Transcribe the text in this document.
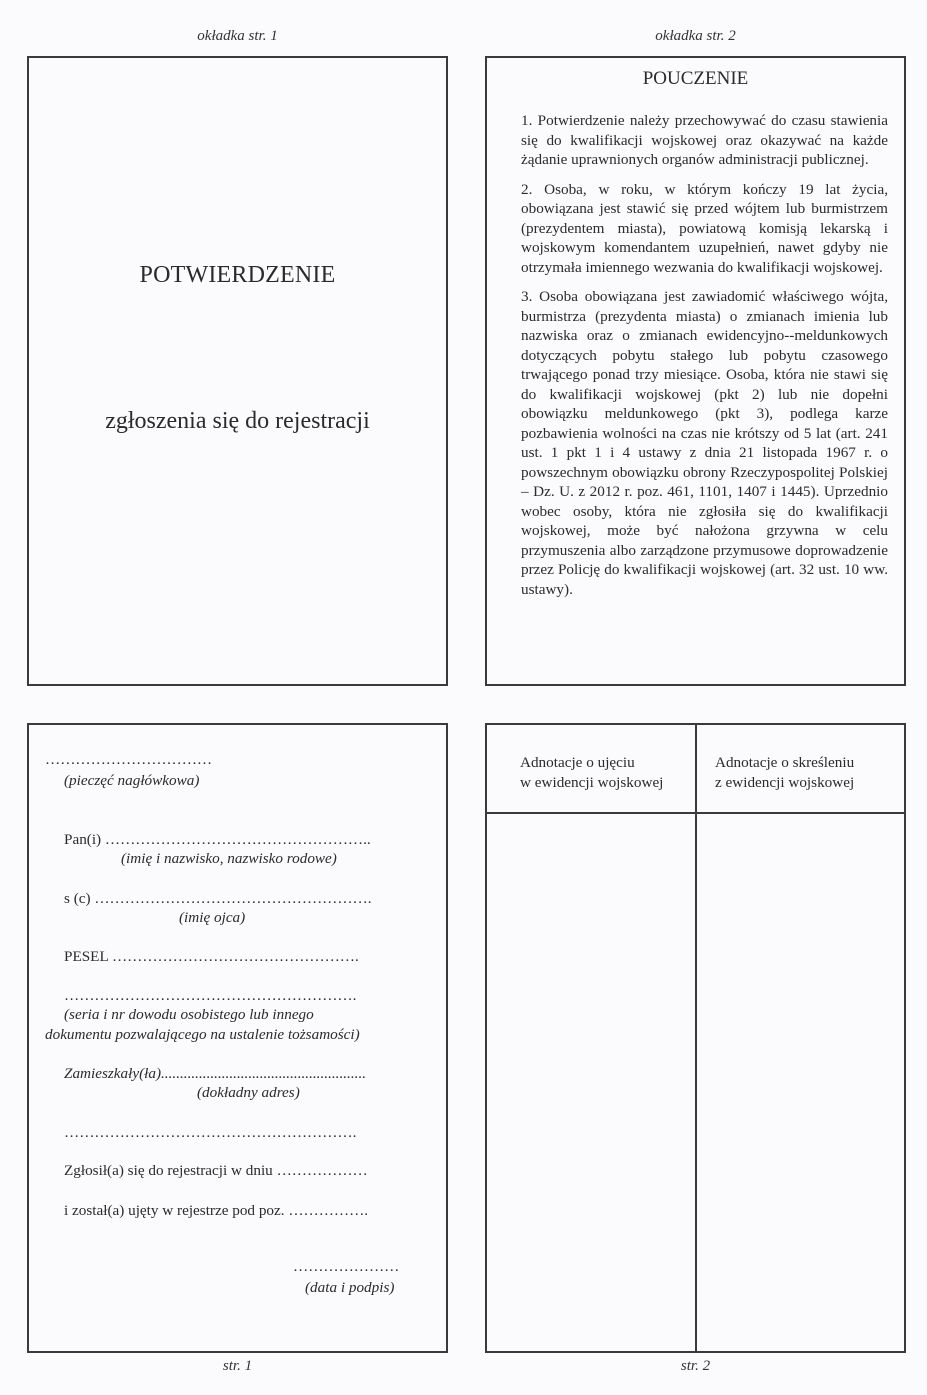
okładka str. 1	okładka str. 2
POTWIERDZENIE
zgłoszenia się do rejestracji
POUCZENIE

1. Potwierdzenie należy przechowywać do czasu stawienia się do kwalifikacji wojskowej oraz okazywać na każde żądanie uprawnionych organów administracji publicznej.

2. Osoba, w roku, w którym kończy 19 lat życia, obowiązana jest stawić się przed wójtem lub burmistrzem (prezydentem miasta), powiatową komisją lekarską i wojskowym komendantem uzupełnień, nawet gdyby nie otrzymała imiennego wezwania do kwalifikacji wojskowej.

3. Osoba obowiązana jest zawiadomić właściwego wójta, burmistrza (prezydenta miasta) o zmianach imienia lub nazwiska oraz o zmianach ewidencyjno--meldunkowych dotyczących pobytu stałego lub pobytu czasowego trwającego ponad trzy miesiące. Osoba, która nie stawi się do kwalifikacji wojskowej (pkt 2) lub nie dopełni obowiązku meldunkowego (pkt 3), podlega karze pozbawienia wolności na czas nie krótszy od 5 lat (art. 241 ust. 1 pkt 1 i 4 ustawy z dnia 21 listopada 1967 r. o powszechnym obowiązku obrony Rzeczypospolitej Polskiej – Dz. U. z 2012 r. poz. 461, 1101, 1407 i 1445). Uprzednio wobec osoby, która nie zgłosiła się do kwalifikacji wojskowej, może być nałożona grzywna w celu przymuszenia albo zarządzone przymusowe doprowadzenie przez Policję do kwalifikacji wojskowej (art. 32 ust. 10 ww. ustawy).

……………………………
(pieczęć nagłówkowa)
Pan(i) ……………………………………………..
(imię i nazwisko, nazwisko rodowe)
s (c) ……………………………………………….
(imię ojca)
PESEL ………………………………………….
………………………………………………….
(seria i nr dowodu osobistego lub innego
dokumentu pozwalającego na ustalenie tożsamości)
Zamieszkały(ła)......................................................
(dokładny adres)
………………………………………………….
Zgłosił(a) się do rejestracji w dniu ………………
i został(a) ujęty w rejestrze pod poz. …………….
…………………
(data i podpis)
Adnotacje o ujęciu
w ewidencji wojskowej
Adnotacje o skreśleniu
z ewidencji wojskowej
str. 1	str. 2
